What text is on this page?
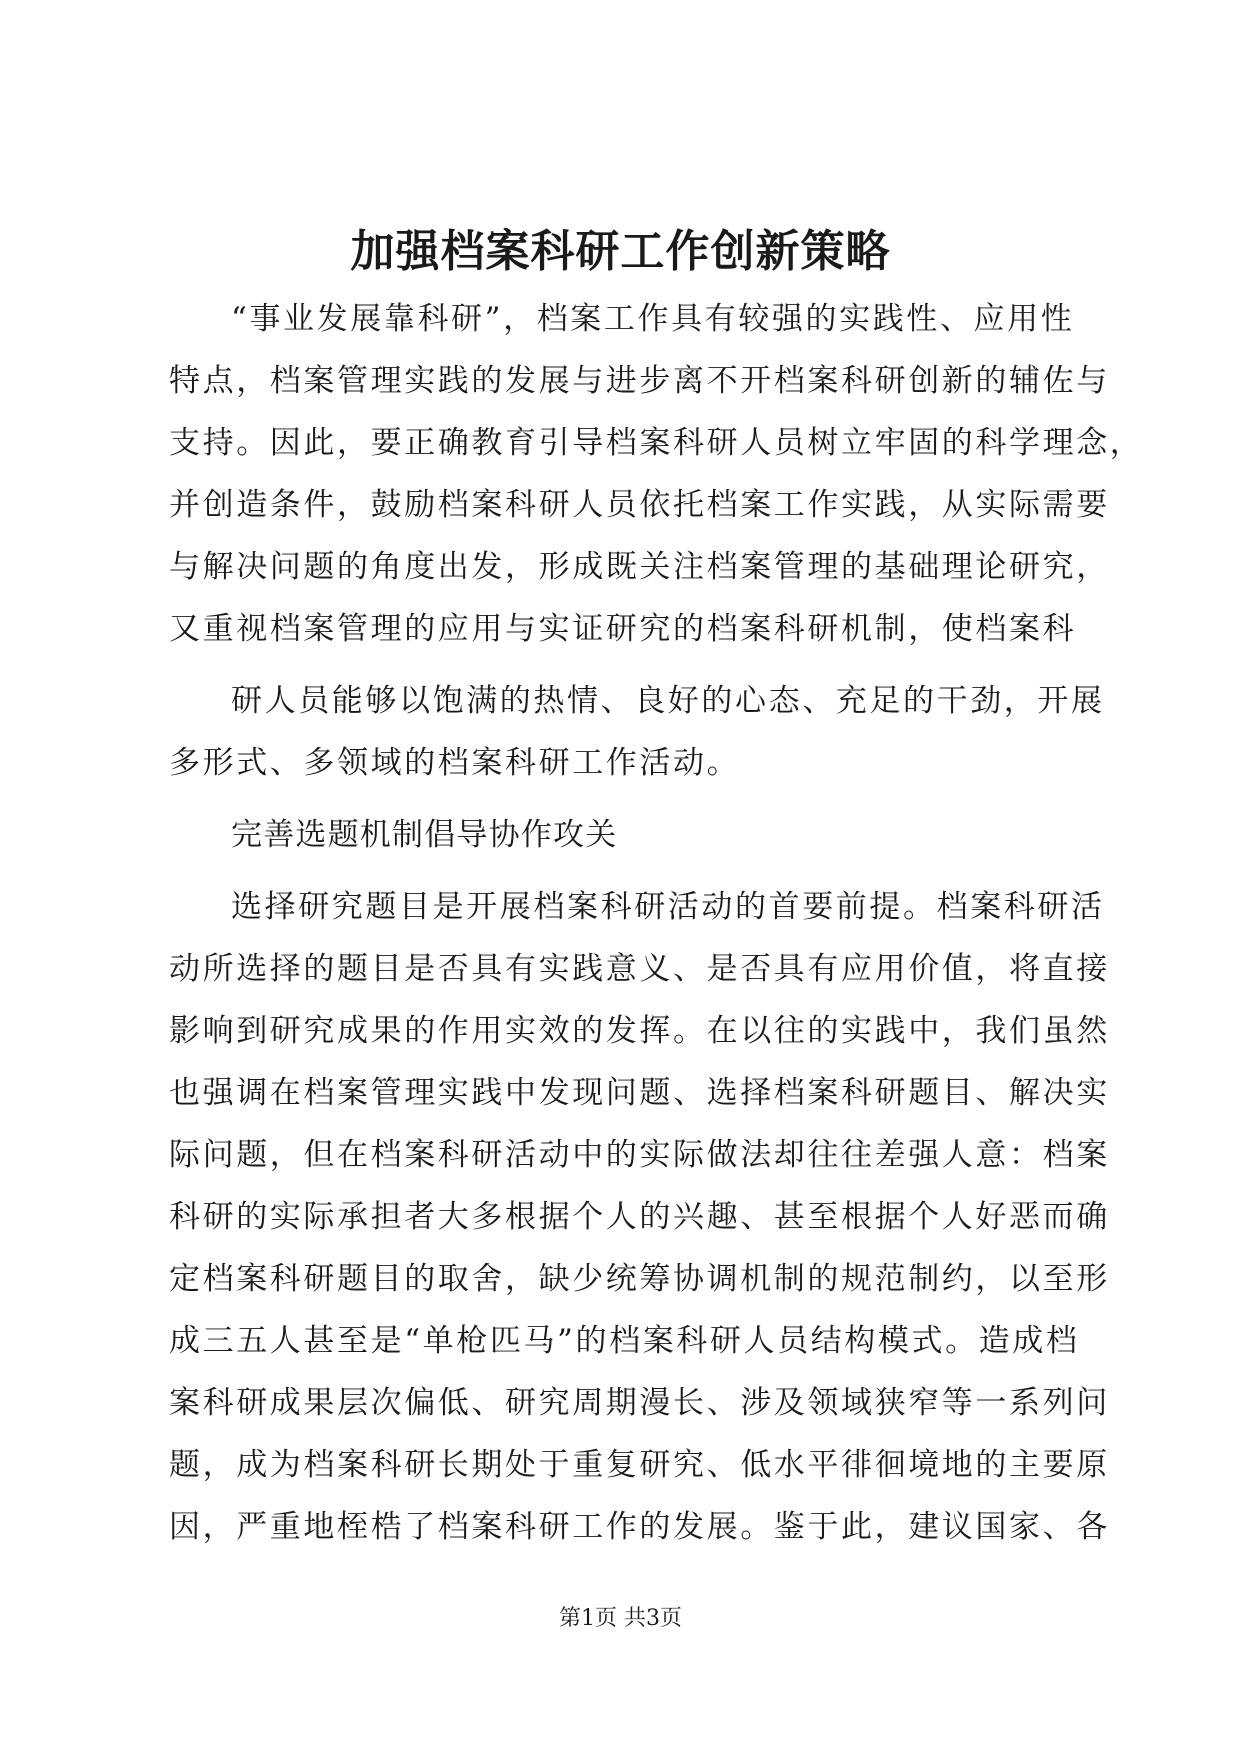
加强档案科研工作创新策略
“事业发展靠科研”，档案工作具有较强的实践性、应用性
特点，档案管理实践的发展与进步离不开档案科研创新的辅佐与
支持。因此，要正确教育引导档案科研人员树立牢固的科学理念，
并创造条件，鼓励档案科研人员依托档案工作实践，从实际需要
与解决问题的角度出发，形成既关注档案管理的基础理论研究，
又重视档案管理的应用与实证研究的档案科研机制，使档案科
研人员能够以饱满的热情、良好的心态、充足的干劲，开展
多形式、多领域的档案科研工作活动。
完善选题机制倡导协作攻关
选择研究题目是开展档案科研活动的首要前提。档案科研活
动所选择的题目是否具有实践意义、是否具有应用价值，将直接
影响到研究成果的作用实效的发挥。在以往的实践中，我们虽然
也强调在档案管理实践中发现问题、选择档案科研题目、解决实
际问题，但在档案科研活动中的实际做法却往往差强人意：档案
科研的实际承担者大多根据个人的兴趣、甚至根据个人好恶而确
定档案科研题目的取舍，缺少统筹协调机制的规范制约，以至形
成三五人甚至是“单枪匹马”的档案科研人员结构模式。造成档
案科研成果层次偏低、研究周期漫长、涉及领域狭窄等一系列问
题，成为档案科研长期处于重复研究、低水平徘徊境地的主要原
因，严重地桎梏了档案科研工作的发展。鉴于此，建议国家、各
第1页 共3页
